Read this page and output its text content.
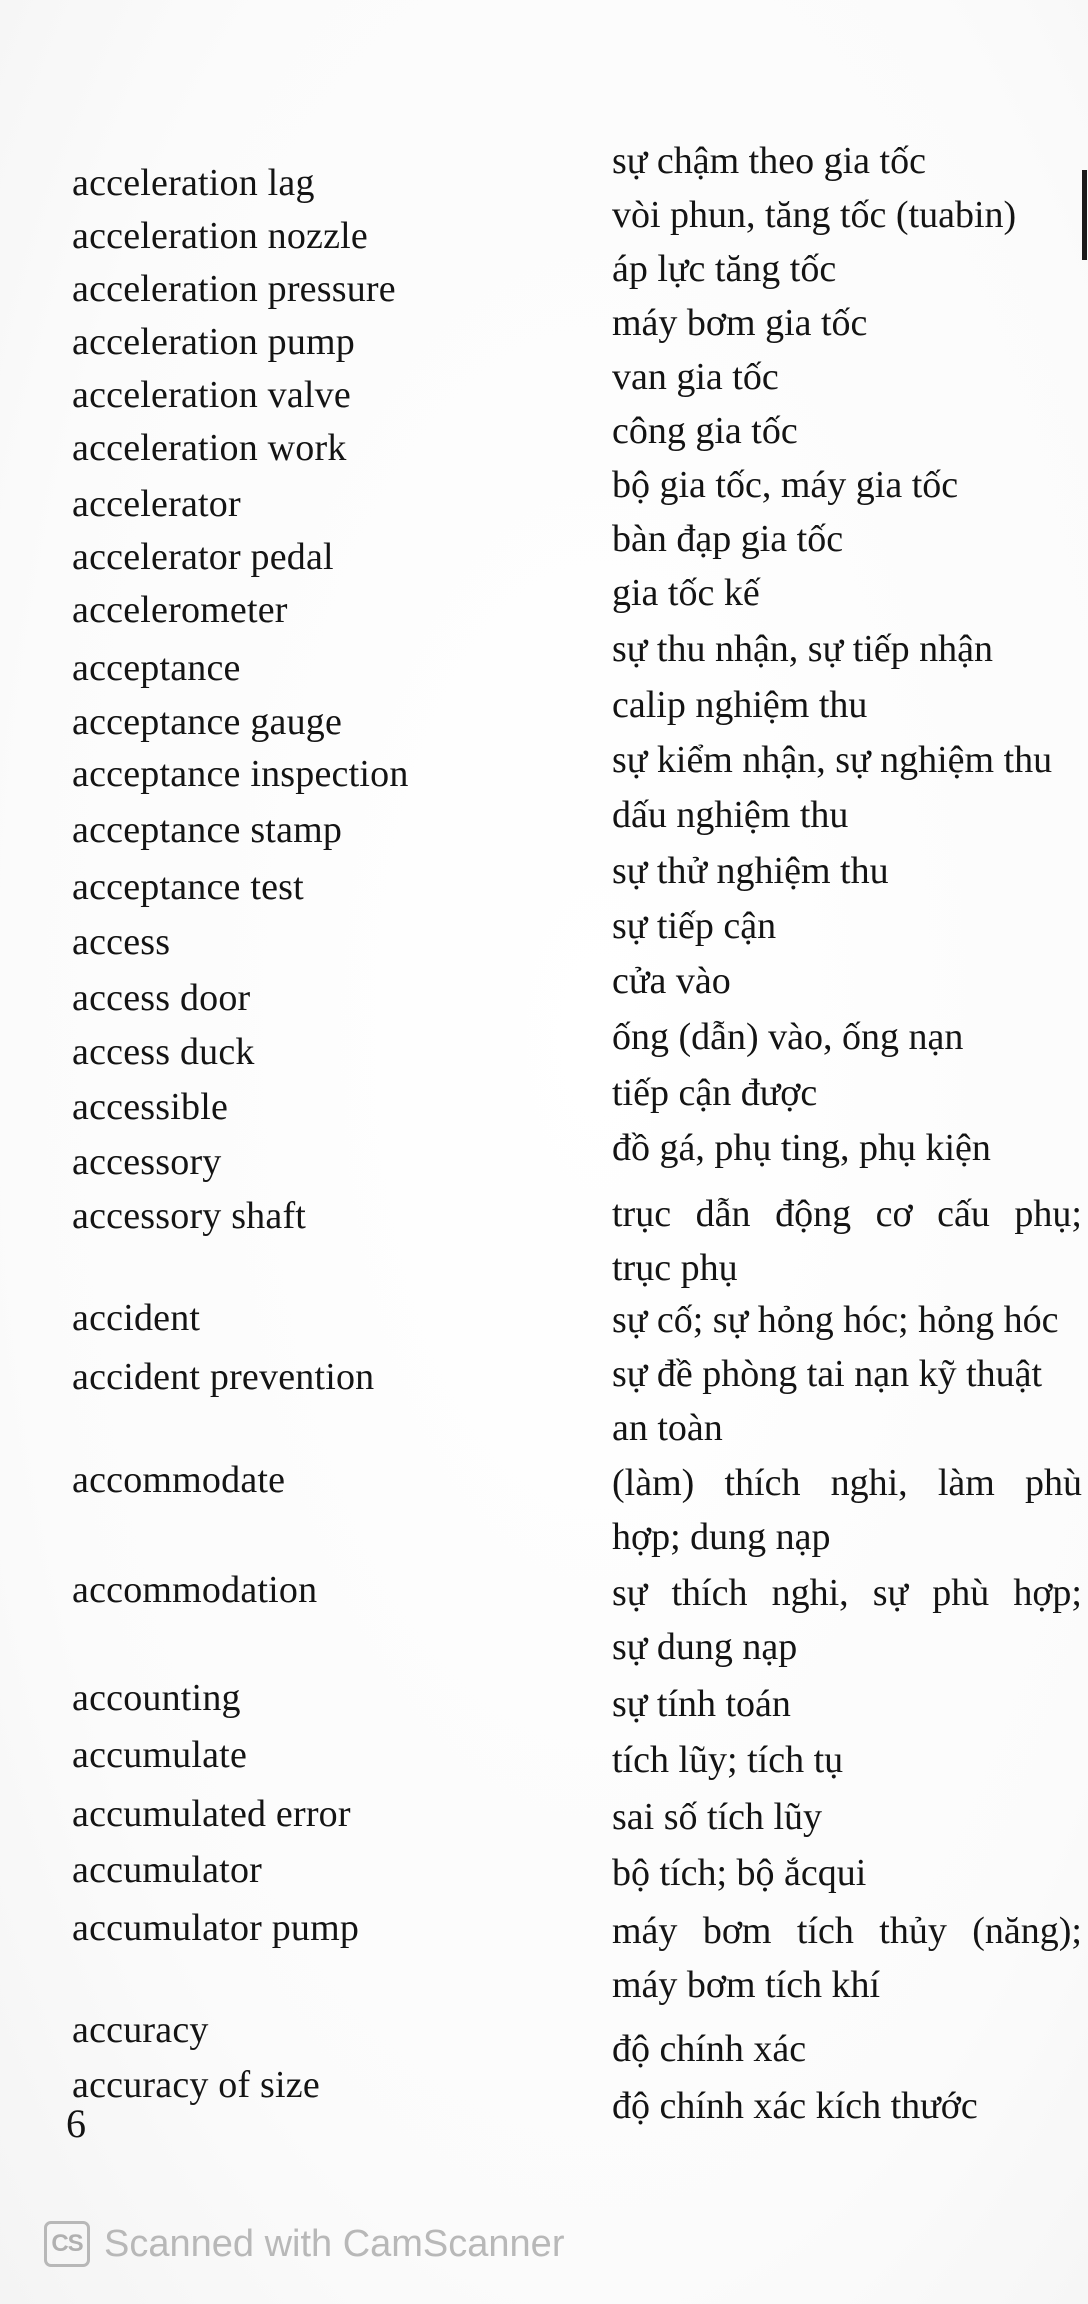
acceleration lag
acceleration nozzle
acceleration pressure
acceleration pump
acceleration valve
acceleration work
accelerator
accelerator pedal
accelerometer
acceptance
acceptance gauge
acceptance inspection
acceptance stamp
acceptance test
access
access door
access duck
accessible
accessory
accessory shaft
accident
accident prevention
accommodate
accommodation
accounting
accumulate
accumulated error
accumulator
accumulator pump
accuracy
accuracy of size
sự chậm theo gia tốc
vòi phun, tăng tốc (tuabin)
áp lực tăng tốc
máy bơm gia tốc
van gia tốc
công gia tốc
bộ gia tốc, máy gia tốc
bàn đạp gia tốc
gia tốc kế
sự thu nhận, sự tiếp nhận
calip nghiệm thu
sự kiểm nhận, sự nghiệm thu
dấu nghiệm thu
sự thử nghiệm thu
sự tiếp cận
cửa vào
ống (dẫn) vào, ống nạn
tiếp cận được
đồ gá, phụ ting, phụ kiện
trục dẫn động cơ cấu phụ;
trục phụ
sự cố; sự hỏng hóc; hỏng hóc
sự đề phòng tai nạn kỹ thuật
an toàn
(làm) thích nghi, làm phù
hợp; dung nạp
sự thích nghi, sự phù hợp;
sự dung nạp
sự tính toán
tích lũy; tích tụ
sai số tích lũy
bộ tích; bộ ắcqui
máy bơm tích thủy (năng);
máy bơm tích khí
độ chính xác
độ chính xác kích thước
6
CS Scanned with CamScanner
